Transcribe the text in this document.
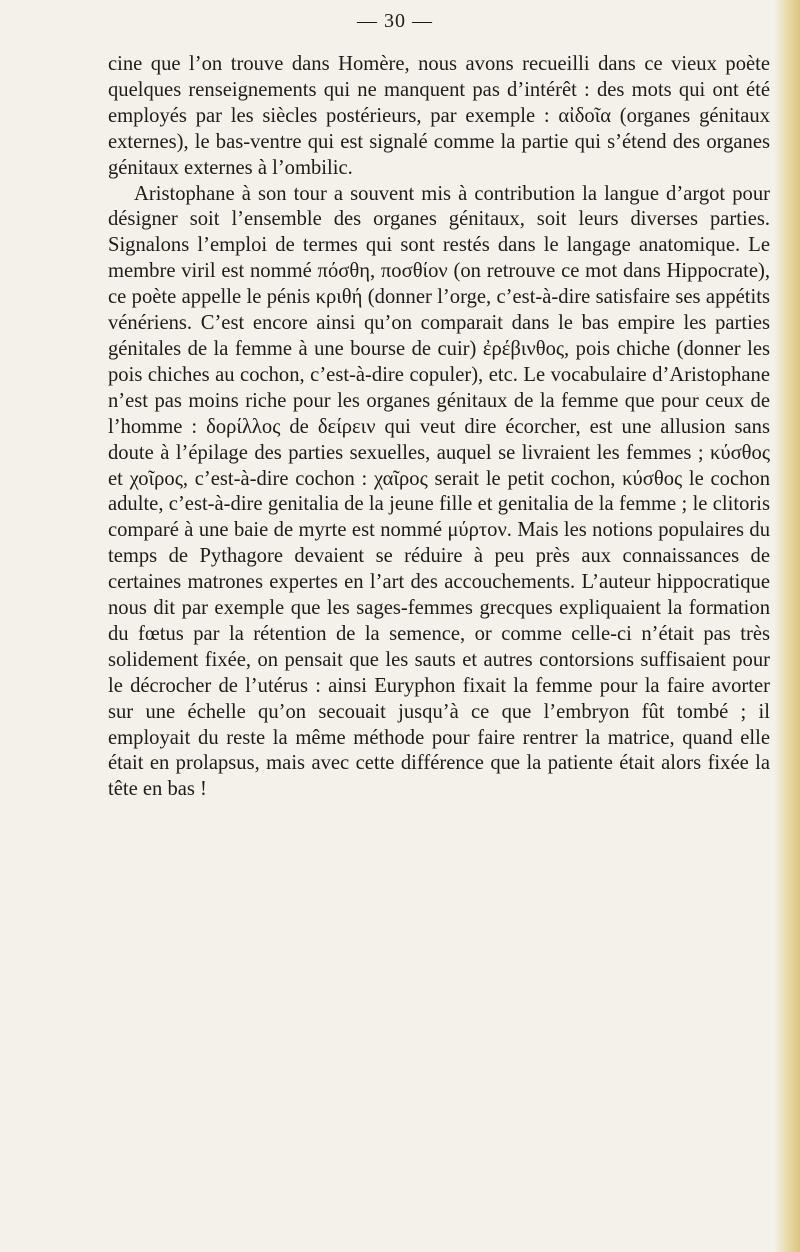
— 30 —

cine que l’on trouve dans Homère, nous avons recueilli dans ce vieux poète quelques renseignements qui ne manquent pas d’intérêt : des mots qui ont été employés par les siècles postérieurs, par exemple : αἰδοῖα (organes génitaux externes), le bas-ventre qui est signalé comme la partie qui s’étend des organes génitaux externes à l’ombilic.

Aristophane à son tour a souvent mis à contribution la langue d’argot pour désigner soit l’ensemble des organes génitaux, soit leurs diverses parties. Signalons l’emploi de termes qui sont restés dans le langage anatomique. Le membre viril est nommé πόσθη, ποσθίον (on retrouve ce mot dans Hippocrate), ce poète appelle le pénis κριθή (donner l’orge, c’est-à-dire satisfaire ses appétits vénériens. C’est encore ainsi qu’on comparait dans le bas empire les parties génitales de la femme à une bourse de cuir) ἐρέβινθος, pois chiche (donner les pois chiches au cochon, c’est-à-dire copuler), etc. Le vocabulaire d’Aristophane n’est pas moins riche pour les organes génitaux de la femme que pour ceux de l’homme : δορίλλος de δείρειν qui veut dire écorcher, est une allusion sans doute à l’épilage des parties sexuelles, auquel se livraient les femmes ; κύσθος et χοῖρος, c’est-à-dire cochon : χαῖρος serait le petit cochon, κύσθος le cochon adulte, c’est-à-dire genitalia de la jeune fille et genitalia de la femme ; le clitoris comparé à une baie de myrte est nommé μύρτον. Mais les notions populaires du temps de Pythagore devaient se réduire à peu près aux connaissances de certaines matrones expertes en l’art des accouchements. L’auteur hippocratique nous dit par exemple que les sages-femmes grecques expliquaient la formation du fœtus par la rétention de la semence, or comme celle-ci n’était pas très solidement fixée, on pensait que les sauts et autres contorsions suffisaient pour le décrocher de l’utérus : ainsi Euryphon fixait la femme pour la faire avorter sur une échelle qu’on secouait jusqu’à ce que l’embryon fût tombé ; il employait du reste la même méthode pour faire rentrer la matrice, quand elle était en prolapsus, mais avec cette différence que la patiente était alors fixée la tête en bas !
